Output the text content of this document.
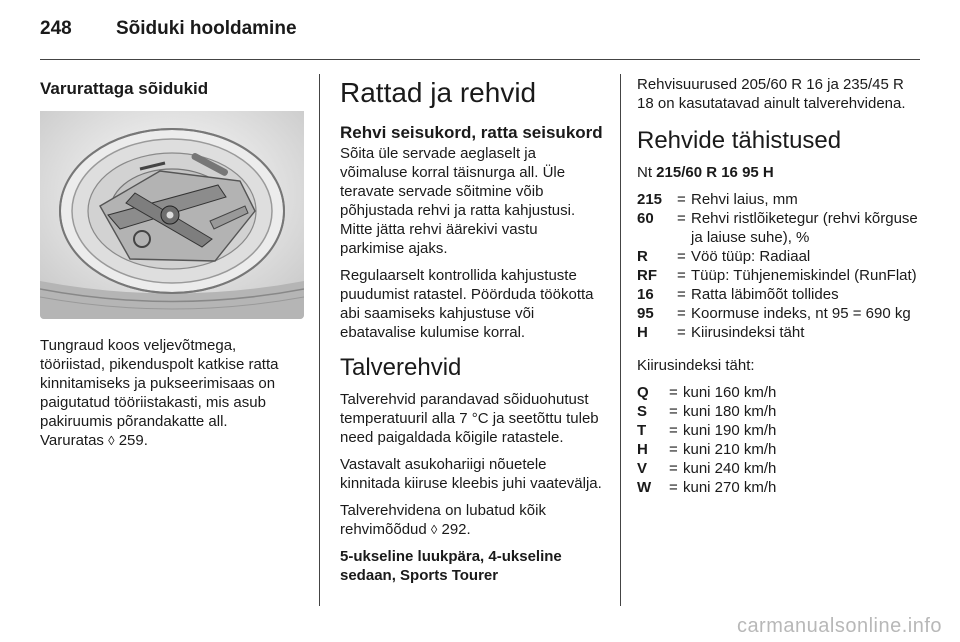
248 Sõiduki hooldamine
Varurattaga sõidukid

Tungraud koos veljevõtmega, tööriistad, pikenduspolt katkise ratta kinnitamiseks ja pukseerimisaas on paigutatud tööriistakasti, mis asub pakiruumis põrandakatte all.
Varuratas ◊ 259.

Rattad ja rehvid
Rehvi seisukord, ratta seisukord

Sõita üle servade aeglaselt ja võimaluse korral täisnurga all. Üle teravate servade sõitmine võib põhjustada rehvi ja ratta kahjustusi. Mitte jätta rehvi äärekivi vastu parkimise ajaks.

Regulaarselt kontrollida kahjustuste puudumist ratastel. Pöörduda töökotta abi saamiseks kahjustuse või ebatavalise kulumise korral.

Talverehvid

Talverehvid parandavad sõiduohutust temperatuuril alla 7 °C ja seetõttu tuleb need paigaldada kõigile ratastele.

Vastavalt asukohariigi nõuetele kinnitada kiiruse kleebis juhi vaatevälja.

Talverehvidena on lubatud kõik rehvimõõdud ◊ 292.

5-ukseline luukpära, 4-ukseline sedaan, Sports Tourer

Rehvisuurused 205/60 R 16 ja 235/45 R 18 on kasutatavad ainult talverehvidena.

Rehvide tähistused

Nt 215/60 R 16 95 H

215 = Rehvi laius, mm
60	= Rehvi ristlõiketegur (rehvi kõrguse ja laiuse suhe), %
R	= Vöö tüüp: Radiaal
RF	= Tüüp: Tühjenemiskindel (RunFlat)
16	= Ratta läbimõõt tollides
95	= Koormuse indeks, nt 95 = 690 kg
H	= Kiirusindeksi täht

Kiirusindeksi täht:

Q	= kuni 160 km/h
S	= kuni 180 km/h
T	= kuni 190 km/h
H	= kuni 210 km/h
V	= kuni 240 km/h
W	= kuni 270 km/h
carmanualsonline.info
